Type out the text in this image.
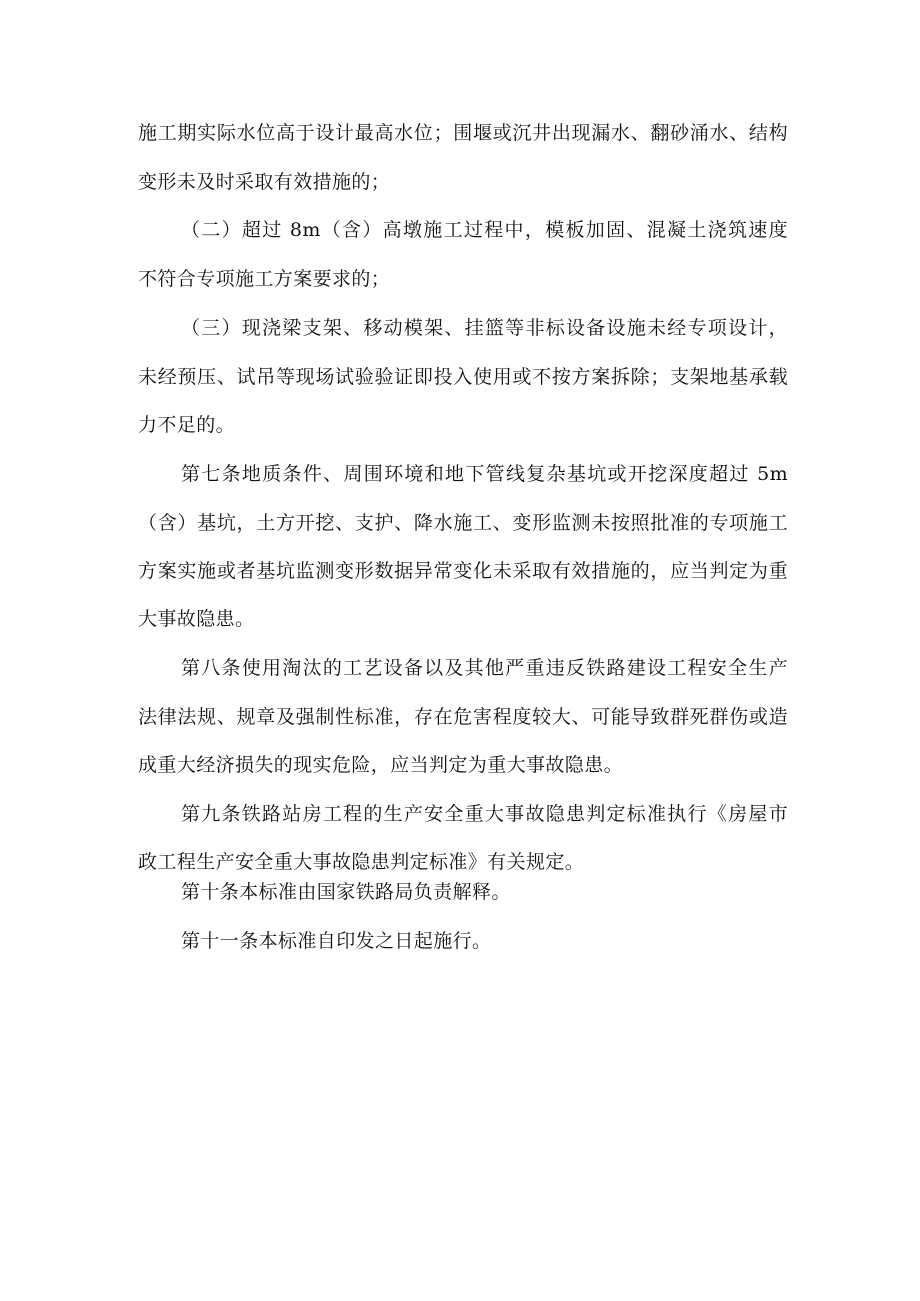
施工期实际水位高于设计最高水位；围堰或沉井出现漏水、翻砂涌水、结构

变形未及时采取有效措施的；

（二）超过 8m（含）高墩施工过程中，模板加固、混凝土浇筑速度

不符合专项施工方案要求的；

（三）现浇梁支架、移动模架、挂篮等非标设备设施未经专项设计，

未经预压、试吊等现场试验验证即投入使用或不按方案拆除；支架地基承载

力不足的。

第七条地质条件、周围环境和地下管线复杂基坑或开挖深度超过 5m

（含）基坑，土方开挖、支护、降水施工、变形监测未按照批准的专项施工

方案实施或者基坑监测变形数据异常变化未采取有效措施的，应当判定为重

大事故隐患。

第八条使用淘汰的工艺设备以及其他严重违反铁路建设工程安全生产

法律法规、规章及强制性标准，存在危害程度较大、可能导致群死群伤或造

成重大经济损失的现实危险，应当判定为重大事故隐患。

第九条铁路站房工程的生产安全重大事故隐患判定标准执行《房屋市

政工程生产安全重大事故隐患判定标准》有关规定。

第十条本标准由国家铁路局负责解释。

第十一条本标准自印发之日起施行。
